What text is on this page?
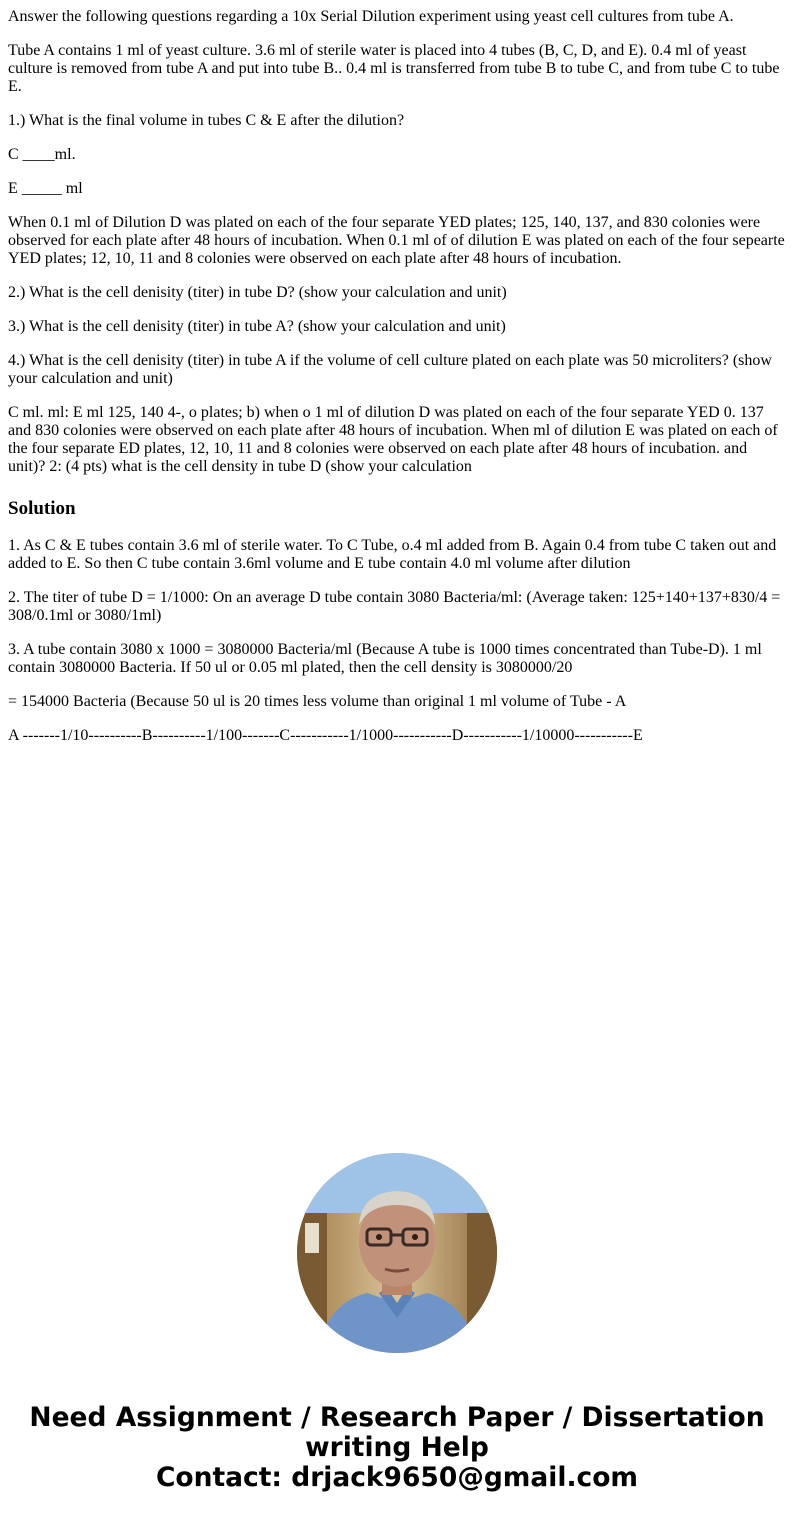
Answer the following questions regarding a 10x Serial Dilution experiment using yeast cell cultures from tube A.

Tube A contains 1 ml of yeast culture. 3.6 ml of sterile water is placed into 4 tubes (B, C, D, and E). 0.4 ml of yeast culture is removed from tube A and put into tube B.. 0.4 ml is transferred from tube B to tube C, and from tube C to tube E.

1.) What is the final volume in tubes C & E after the dilution?

C ____ml.

E _____ ml

When 0.1 ml of Dilution D was plated on each of the four separate YED plates; 125, 140, 137, and 830 colonies were observed for each plate after 48 hours of incubation. When 0.1 ml of of dilution E was plated on each of the four sepearte YED plates; 12, 10, 11 and 8 colonies were observed on each plate after 48 hours of incubation.

2.) What is the cell denisity (titer) in tube D? (show your calculation and unit)

3.) What is the cell denisity (titer) in tube A? (show your calculation and unit)

4.) What is the cell denisity (titer) in tube A if the volume of cell culture plated on each plate was 50 microliters? (show your calculation and unit)

C ml. ml: E ml 125, 140 4-, o plates; b) when o 1 ml of dilution D was plated on each of the four separate YED 0. 137 and 830 colonies were observed on each plate after 48 hours of incubation. When ml of dilution E was plated on each of the four separate ED plates, 12, 10, 11 and 8 colonies were observed on each plate after 48 hours of incubation. and unit)? 2: (4 pts) what is the cell density in tube D (show your calculation

Solution

1. As C & E tubes contain 3.6 ml of sterile water. To C Tube, o.4 ml added from B. Again 0.4 from tube C taken out and added to E. So then C tube contain 3.6ml volume and E tube contain 4.0 ml volume after dilution

2. The titer of tube D = 1/1000: On an average D tube contain 3080 Bacteria/ml: (Average taken: 125+140+137+830/4 = 308/0.1ml or 3080/1ml)

3. A tube contain 3080 x 1000 = 3080000 Bacteria/ml (Because A tube is 1000 times concentrated than Tube-D). 1 ml contain 3080000 Bacteria. If 50 ul or 0.05 ml plated, then the cell density is 3080000/20

= 154000 Bacteria (Because 50 ul is 20 times less volume than original 1 ml volume of Tube - A

A -------1/10----------B----------1/100-------C-----------1/1000-----------D-----------1/10000-----------E

Need Assignment / Research Paper / Dissertation
writing Help
Contact: drjack9650@gmail.com
